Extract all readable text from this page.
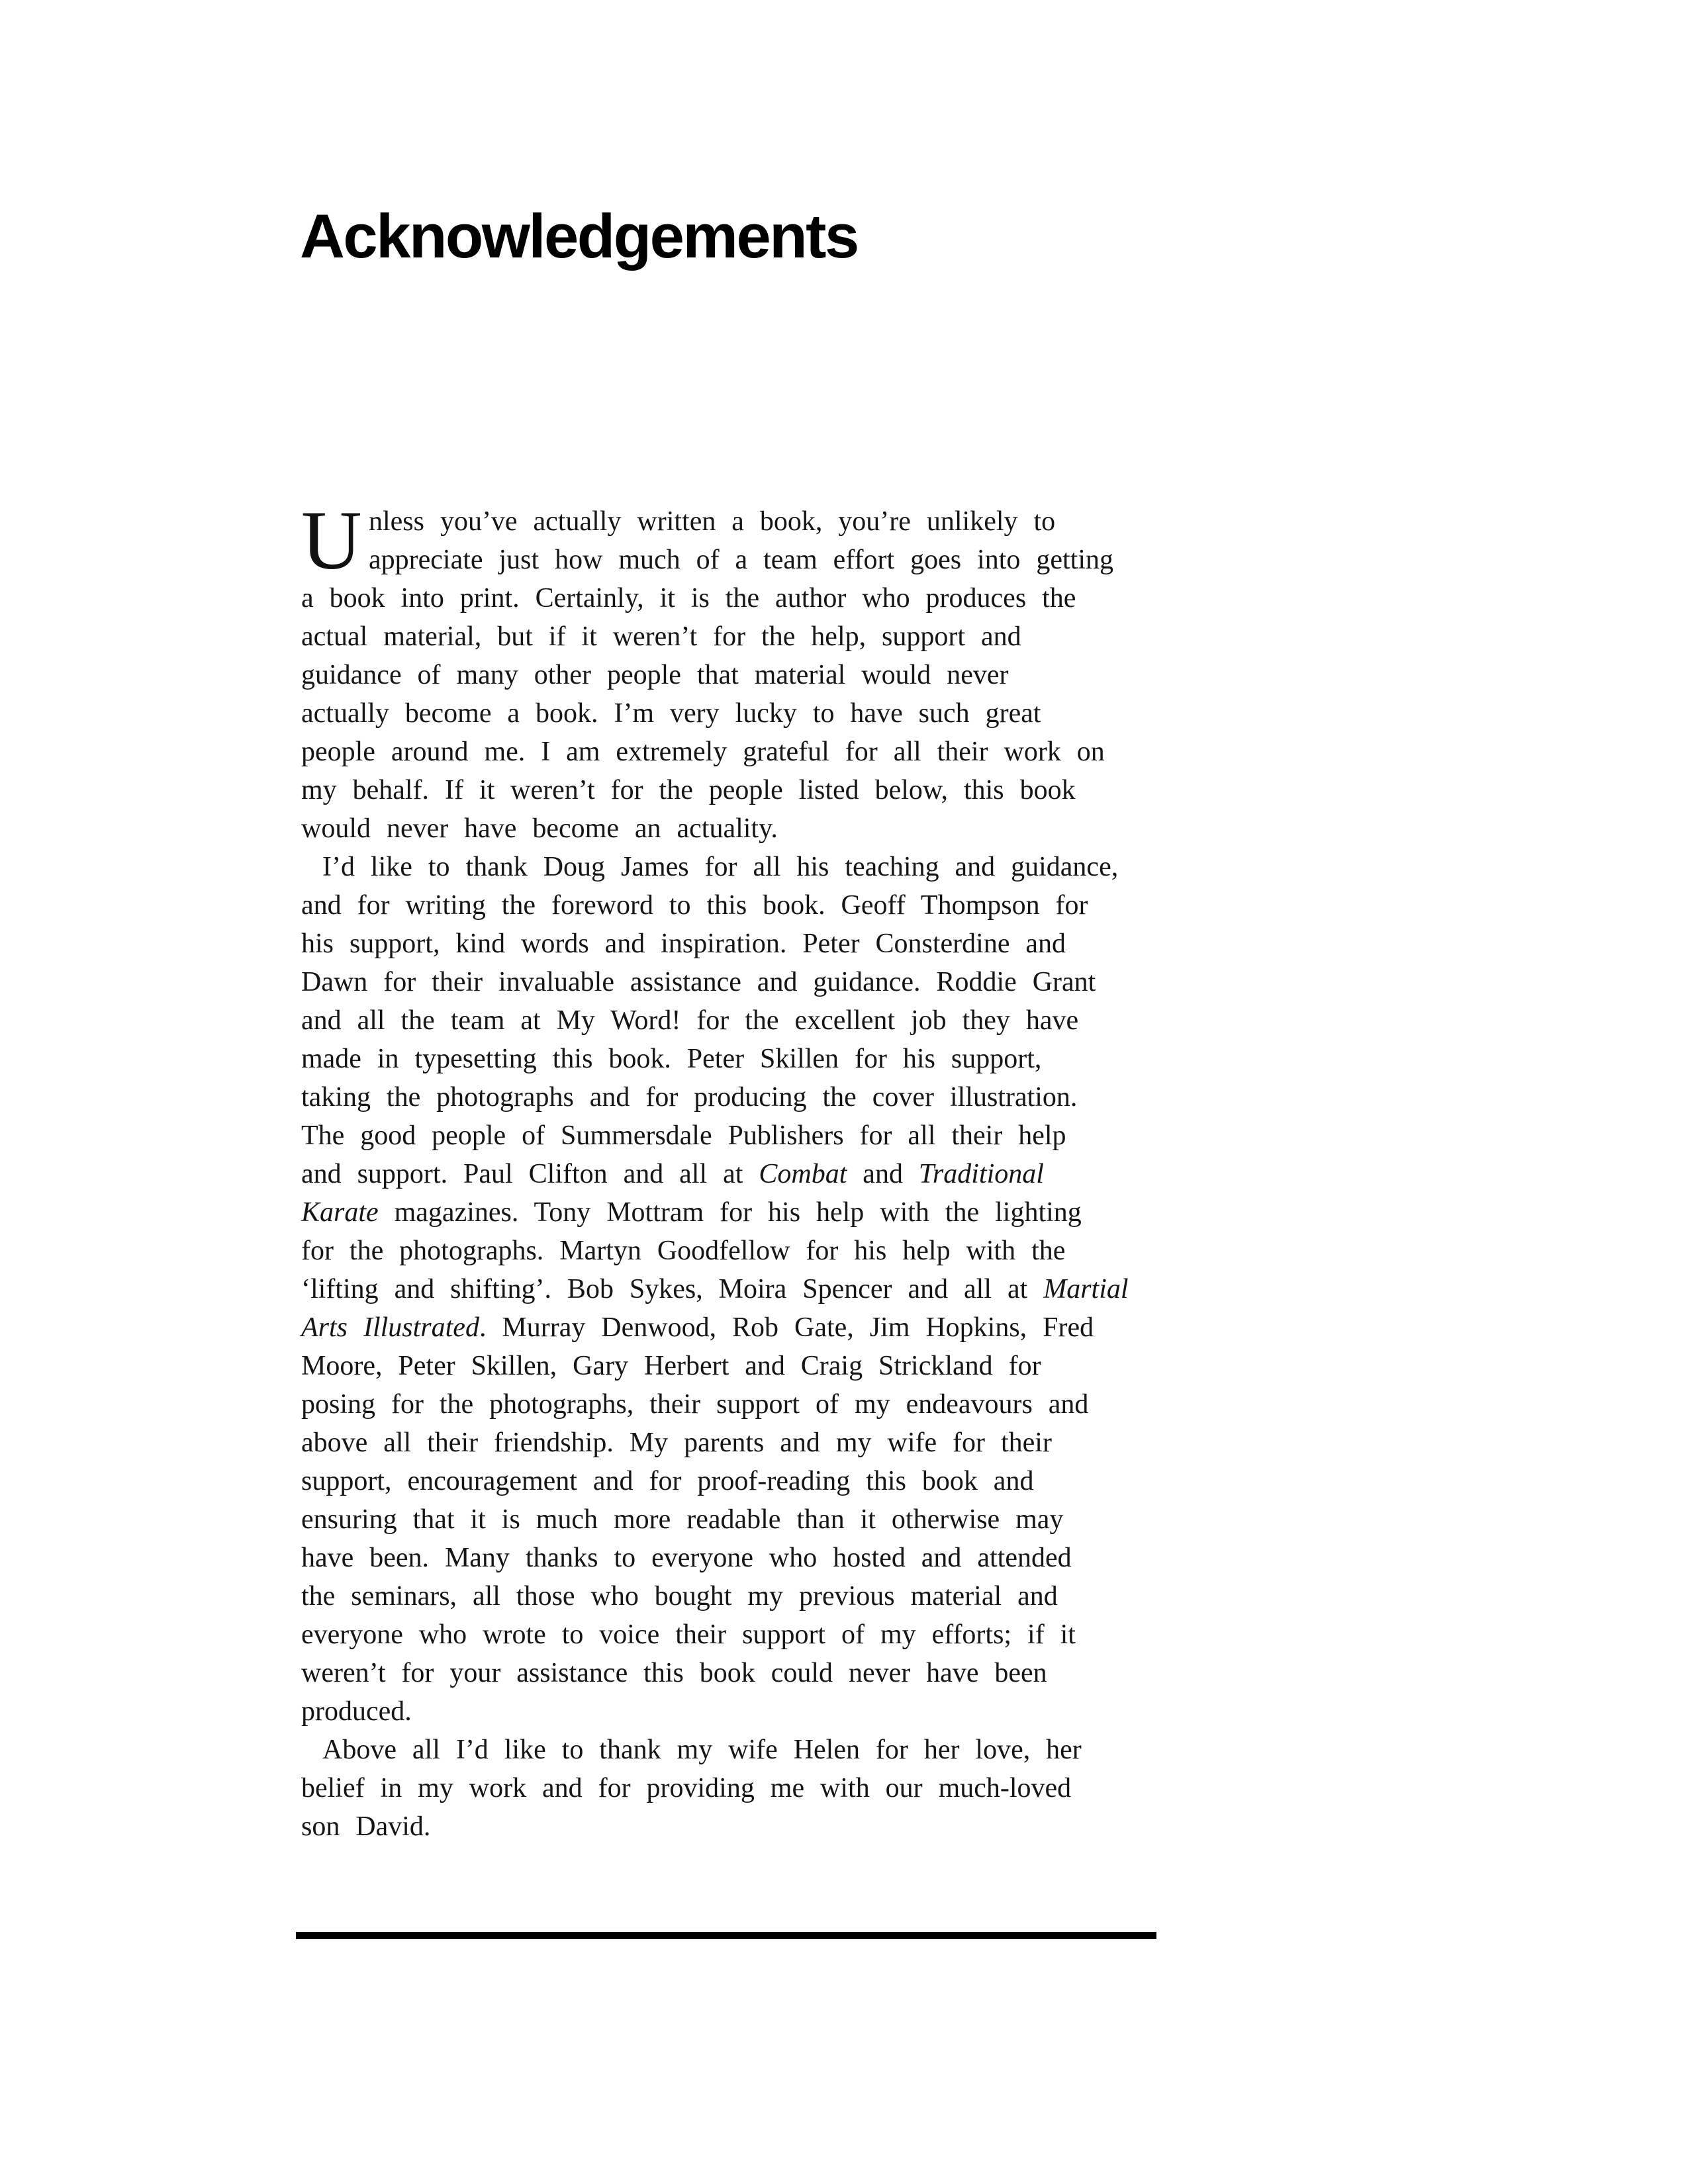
Acknowledgements
U nless you’ve actually written a book, you’re unlikely to
appreciate just how much of a team effort goes into getting
a book into print. Certainly, it is the author who produces the
actual material, but if it weren’t for the help, support and
guidance of many other people that material would never
actually become a book. I’m very lucky to have such great
people around me. I am extremely grateful for all their work on
my behalf. If it weren’t for the people listed below, this book
would never have become an actuality.
I’d like to thank Doug James for all his teaching and guidance,
and for writing the foreword to this book. Geoff Thompson for
his support, kind words and inspiration. Peter Consterdine and
Dawn for their invaluable assistance and guidance. Roddie Grant
and all the team at My Word! for the excellent job they have
made in typesetting this book. Peter Skillen for his support,
taking the photographs and for producing the cover illustration.
The good people of Summersdale Publishers for all their help
and support. Paul Clifton and all at Combat and Traditional
Karate magazines. Tony Mottram for his help with the lighting
for the photographs. Martyn Goodfellow for his help with the
‘lifting and shifting’. Bob Sykes, Moira Spencer and all at Martial
Arts Illustrated. Murray Denwood, Rob Gate, Jim Hopkins, Fred
Moore, Peter Skillen, Gary Herbert and Craig Strickland for
posing for the photographs, their support of my endeavours and
above all their friendship. My parents and my wife for their
support, encouragement and for proof-reading this book and
ensuring that it is much more readable than it otherwise may
have been. Many thanks to everyone who hosted and attended
the seminars, all those who bought my previous material and
everyone who wrote to voice their support of my efforts; if it
weren’t for your assistance this book could never have been
produced.
Above all I’d like to thank my wife Helen for her love, her
belief in my work and for providing me with our much-loved
son David.
